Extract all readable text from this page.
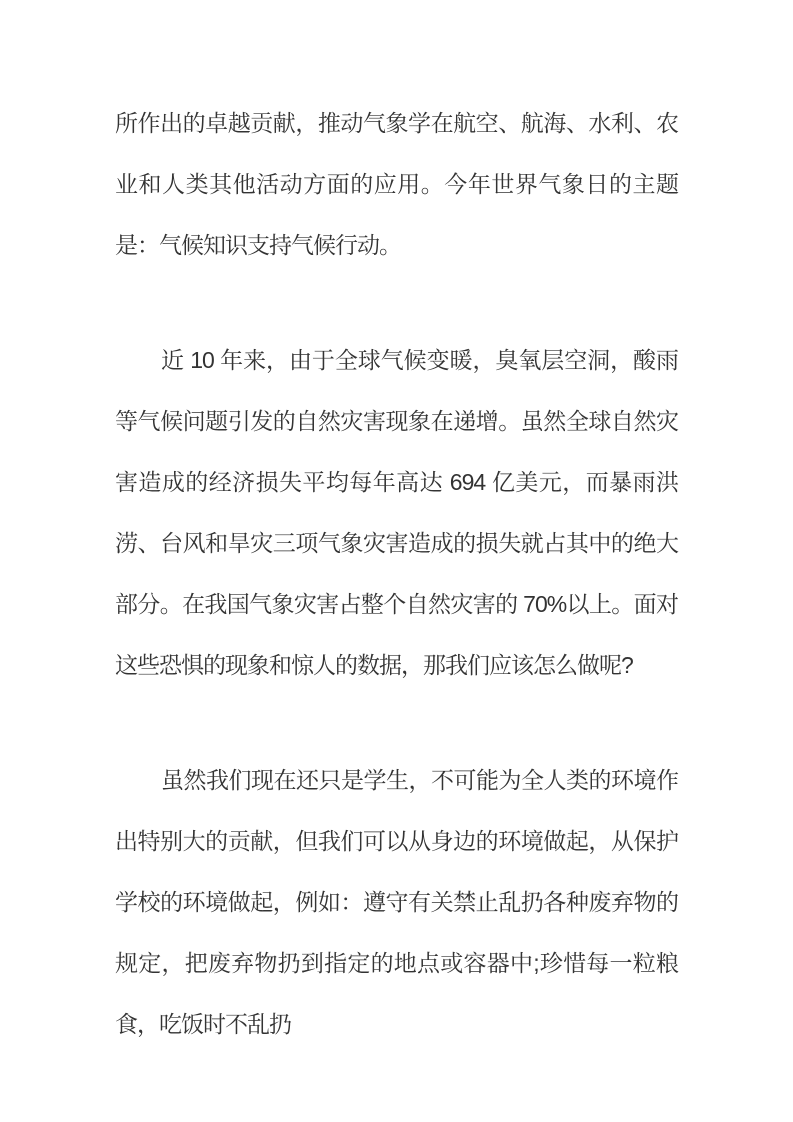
所作出的卓越贡献，推动气象学在航空、航海、水利、农业和人类其他活动方面的应用。今年世界气象日的主题是：气候知识支持气候行动。

近 10 年来，由于全球气候变暖，臭氧层空洞，酸雨等气候问题引发的自然灾害现象在递增。虽然全球自然灾害造成的经济损失平均每年高达 694 亿美元，而暴雨洪涝、台风和旱灾三项气象灾害造成的损失就占其中的绝大部分。在我国气象灾害占整个自然灾害的 70%以上。面对这些恐惧的现象和惊人的数据，那我们应该怎么做呢?

虽然我们现在还只是学生，不可能为全人类的环境作出特别大的贡献，但我们可以从身边的环境做起，从保护学校的环境做起，例如：遵守有关禁止乱扔各种废弃物的规定，把废弃物扔到指定的地点或容器中;珍惜每一粒粮食，吃饭时不乱扔
